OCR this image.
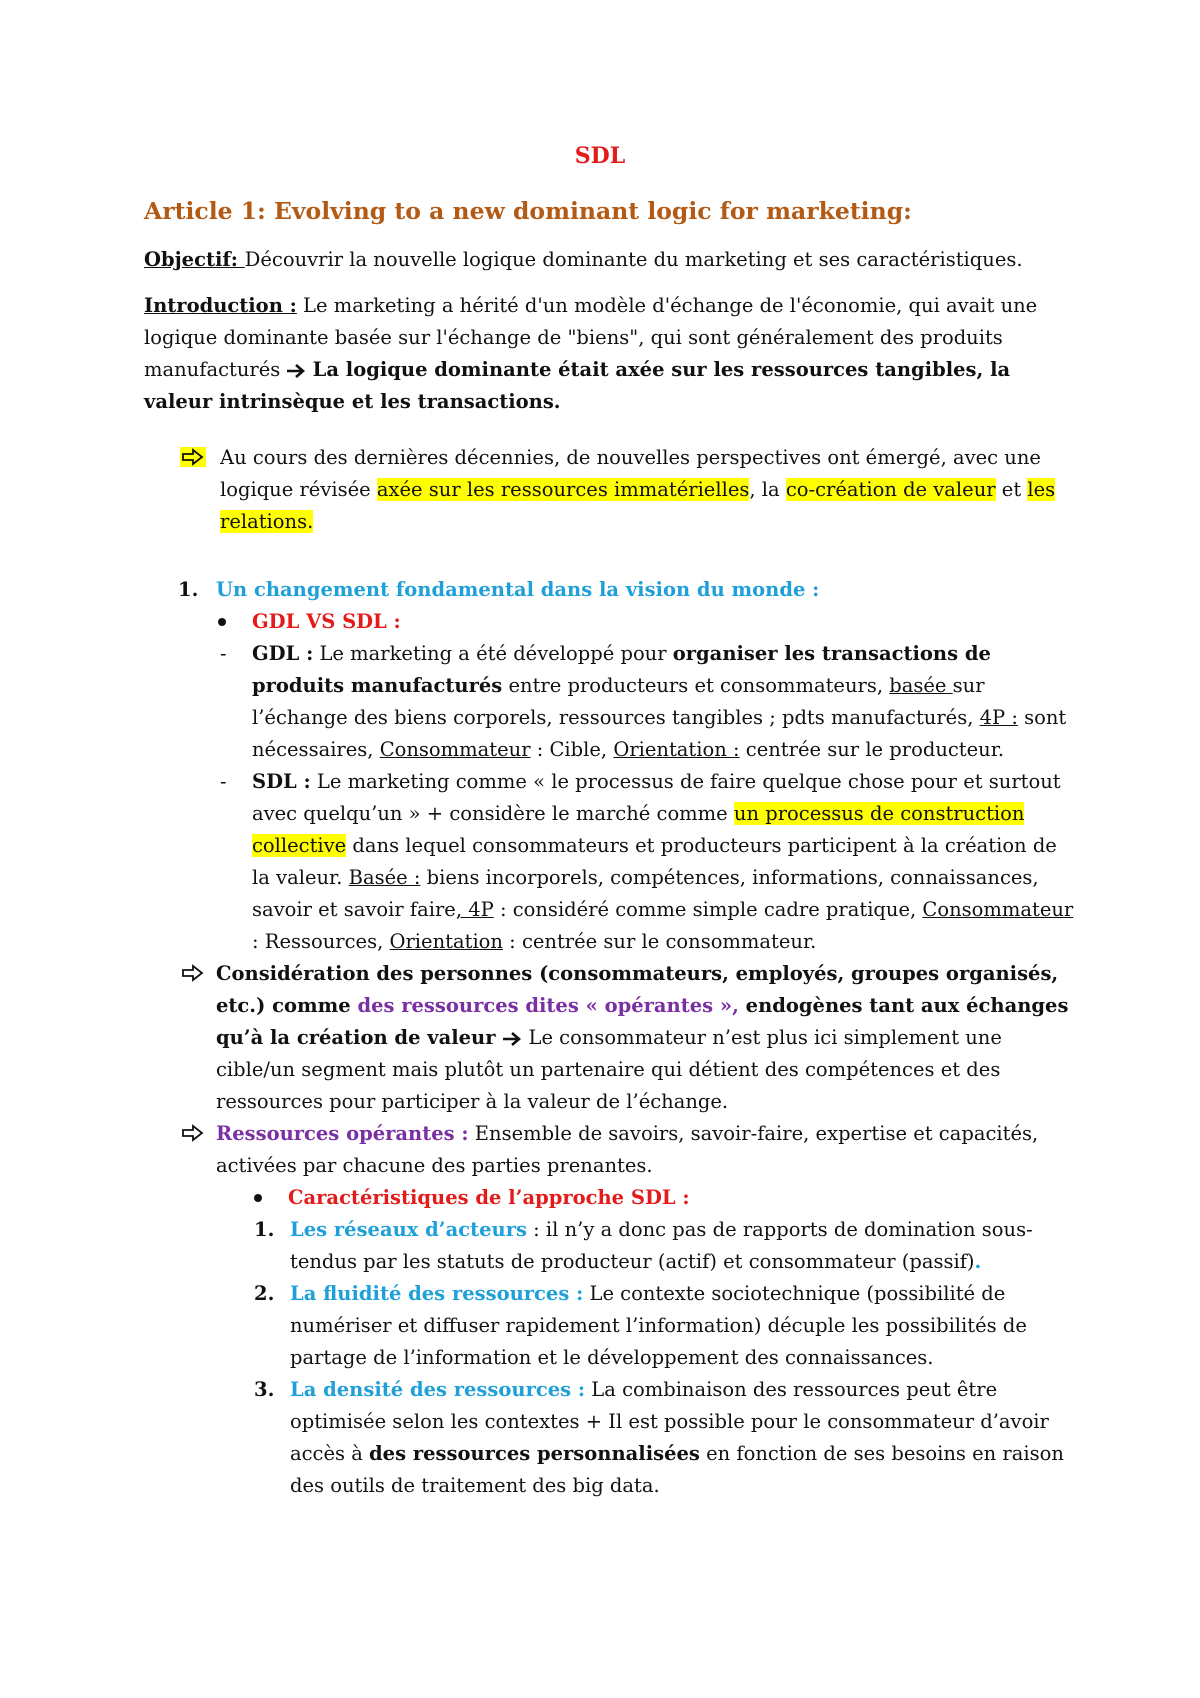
SDL
Article 1: Evolving to a new dominant logic for marketing:

Objectif: Découvrir la nouvelle logique dominante du marketing et ses caractéristiques.

Introduction : Le marketing a hérité d'un modèle d'échange de l'économie, qui avait une logique dominante basée sur l'échange de "biens", qui sont généralement des produits manufacturés  La logique dominante était axée sur les ressources tangibles, la valeur intrinsèque et les transactions.

Au cours des dernières décennies, de nouvelles perspectives ont émergé, avec une logique révisée axée sur les ressources immatérielles, la co-création de valeur et les relations.
1. Un changement fondamental dans la vision du monde :
GDL VS SDL :
- GDL : Le marketing a été développé pour organiser les transactions de produits manufacturés entre producteurs et consommateurs, basée sur l’échange des biens corporels, ressources tangibles ; pdts manufacturés, 4P : sont nécessaires, Consommateur : Cible, Orientation : centrée sur le producteur.
- SDL : Le marketing comme « le processus de faire quelque chose pour et surtout avec quelqu’un » + considère le marché comme un processus de construction collective dans lequel consommateurs et producteurs participent à la création de la valeur. Basée : biens incorporels, compétences, informations, connaissances, savoir et savoir faire, 4P : considéré comme simple cadre pratique, Consommateur : Ressources, Orientation : centrée sur le consommateur.
Considération des personnes (consommateurs, employés, groupes organisés, etc.) comme des ressources dites « opérantes », endogènes tant aux échanges qu’à la création de valeur  Le consommateur n’est plus ici simplement une cible/un segment mais plutôt un partenaire qui détient des compétences et des ressources pour participer à la valeur de l’échange.
Ressources opérantes : Ensemble de savoirs, savoir-faire, expertise et capacités, activées par chacune des parties prenantes.
Caractéristiques de l’approche SDL :
1. Les réseaux d’acteurs : il n’y a donc pas de rapports de domination sous-tendus par les statuts de producteur (actif) et consommateur (passif).
2. La fluidité des ressources : Le contexte sociotechnique (possibilité de numériser et diffuser rapidement l’information) décuple les possibilités de partage de l’information et le développement des connaissances.
3. La densité des ressources : La combinaison des ressources peut être optimisée selon les contextes + Il est possible pour le consommateur d’avoir accès à des ressources personnalisées en fonction de ses besoins en raison des outils de traitement des big data.
